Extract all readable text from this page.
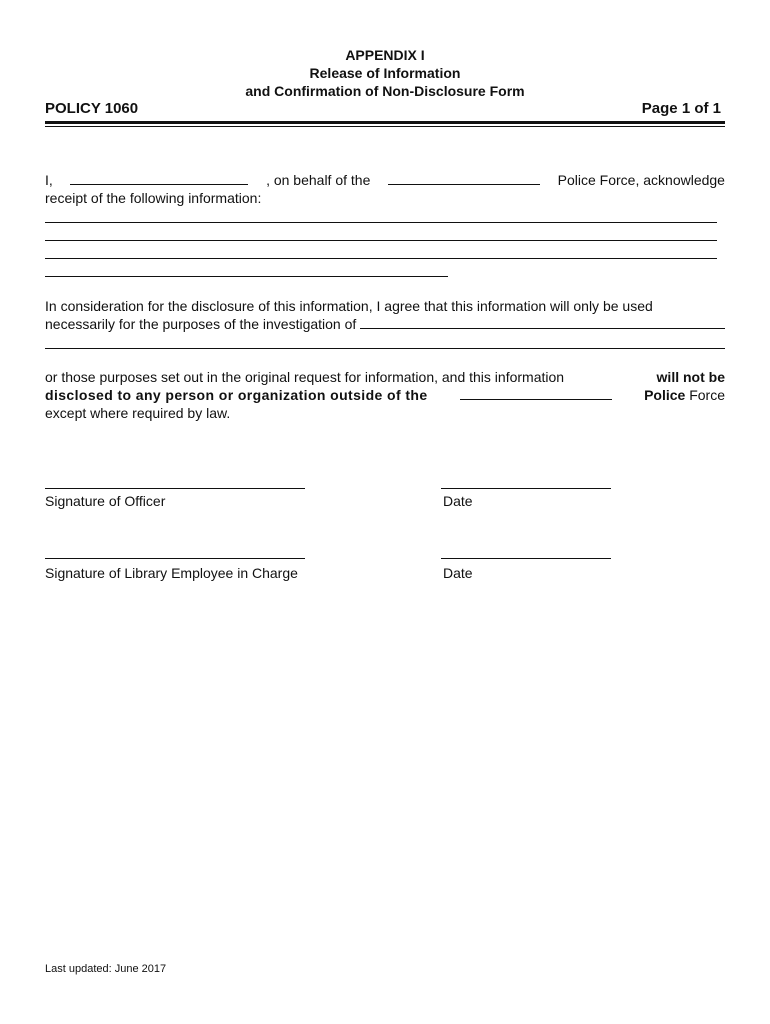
APPENDIX I
Release of Information
and Confirmation of Non-Disclosure Form
POLICY 1060	Page 1 of 1
I,	, on behalf of the	Police Force, acknowledge
receipt of the following information:
In consideration for the disclosure of this information, I agree that this information will only be used
necessarily for the purposes of the investigation of
or those purposes set out in the original request for information, and this information	will not be
disclosed to any person or organization outside of the	Police Force
except where required by law.
Signature of Officer	Date
Signature of Library Employee in Charge	Date
Last updated: June 2017
